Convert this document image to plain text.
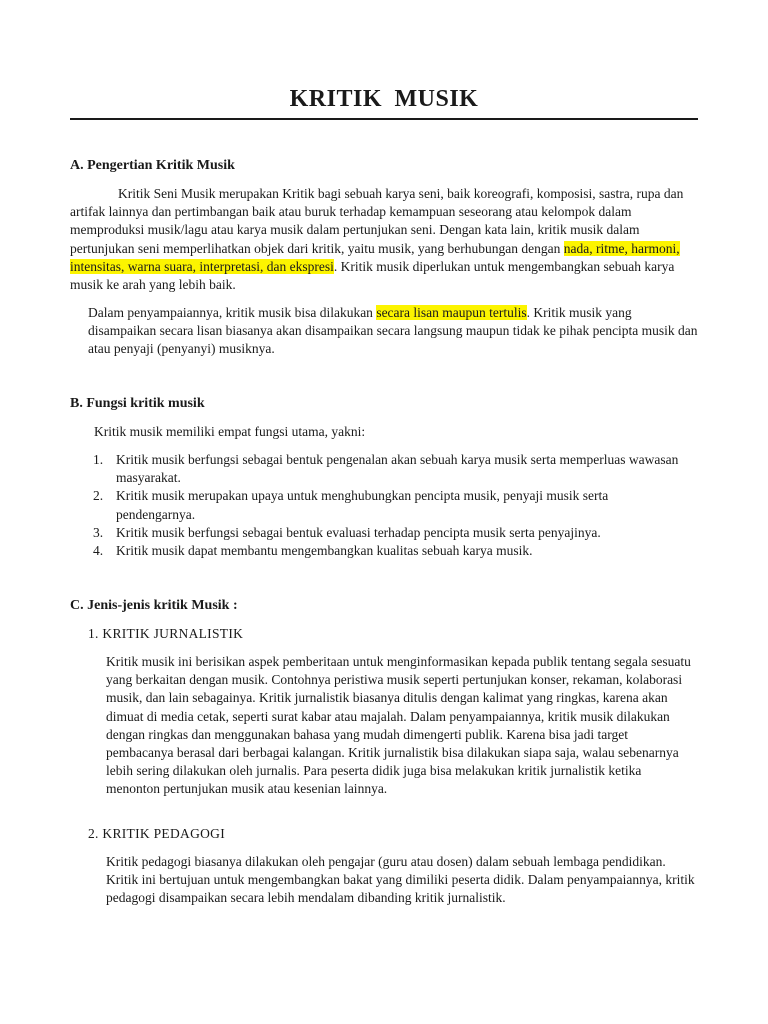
KRITIK MUSIK
A. Pengertian Kritik Musik

Kritik Seni Musik merupakan Kritik bagi sebuah karya seni, baik koreografi, komposisi, sastra, rupa dan artifak lainnya dan pertimbangan baik atau buruk terhadap kemampuan seseorang atau kelompok dalam memproduksi musik/lagu atau karya musik dalam pertunjukan seni. Dengan kata lain, kritik musik dalam pertunjukan seni memperlihatkan objek dari kritik, yaitu musik, yang berhubungan dengan nada, ritme, harmoni, intensitas, warna suara, interpretasi, dan ekspresi. Kritik musik diperlukan untuk mengembangkan sebuah karya musik ke arah yang lebih baik.

Dalam penyampaiannya, kritik musik bisa dilakukan secara lisan maupun tertulis. Kritik musik yang disampaikan secara lisan biasanya akan disampaikan secara langsung maupun tidak ke pihak pencipta musik dan atau penyaji (penyanyi) musiknya.

B. Fungsi kritik musik

Kritik musik memiliki empat fungsi utama, yakni:

1. Kritik musik berfungsi sebagai bentuk pengenalan akan sebuah karya musik serta memperluas wawasan masyarakat.
2. Kritik musik merupakan upaya untuk menghubungkan pencipta musik, penyaji musik serta pendengarnya.
3. Kritik musik berfungsi sebagai bentuk evaluasi terhadap pencipta musik serta penyajinya.
4. Kritik musik dapat membantu mengembangkan kualitas sebuah karya musik.
C. Jenis-jenis kritik Musik :

1. KRITIK JURNALISTIK

Kritik musik ini berisikan aspek pemberitaan untuk menginformasikan kepada publik tentang segala sesuatu yang berkaitan dengan musik. Contohnya peristiwa musik seperti pertunjukan konser, rekaman, kolaborasi musik, dan lain sebagainya. Kritik jurnalistik biasanya ditulis dengan kalimat yang ringkas, karena akan dimuat di media cetak, seperti surat kabar atau majalah. Dalam penyampaiannya, kritik musik dilakukan dengan ringkas dan menggunakan bahasa yang mudah dimengerti publik. Karena bisa jadi target pembacanya berasal dari berbagai kalangan. Kritik jurnalistik bisa dilakukan siapa saja, walau sebenarnya lebih sering dilakukan oleh jurnalis. Para peserta didik juga bisa melakukan kritik jurnalistik ketika menonton pertunjukan musik atau kesenian lainnya.

2. KRITIK PEDAGOGI

Kritik pedagogi biasanya dilakukan oleh pengajar (guru atau dosen) dalam sebuah lembaga pendidikan. Kritik ini bertujuan untuk mengembangkan bakat yang dimiliki peserta didik. Dalam penyampaiannya, kritik pedagogi disampaikan secara lebih mendalam dibanding kritik jurnalistik.
